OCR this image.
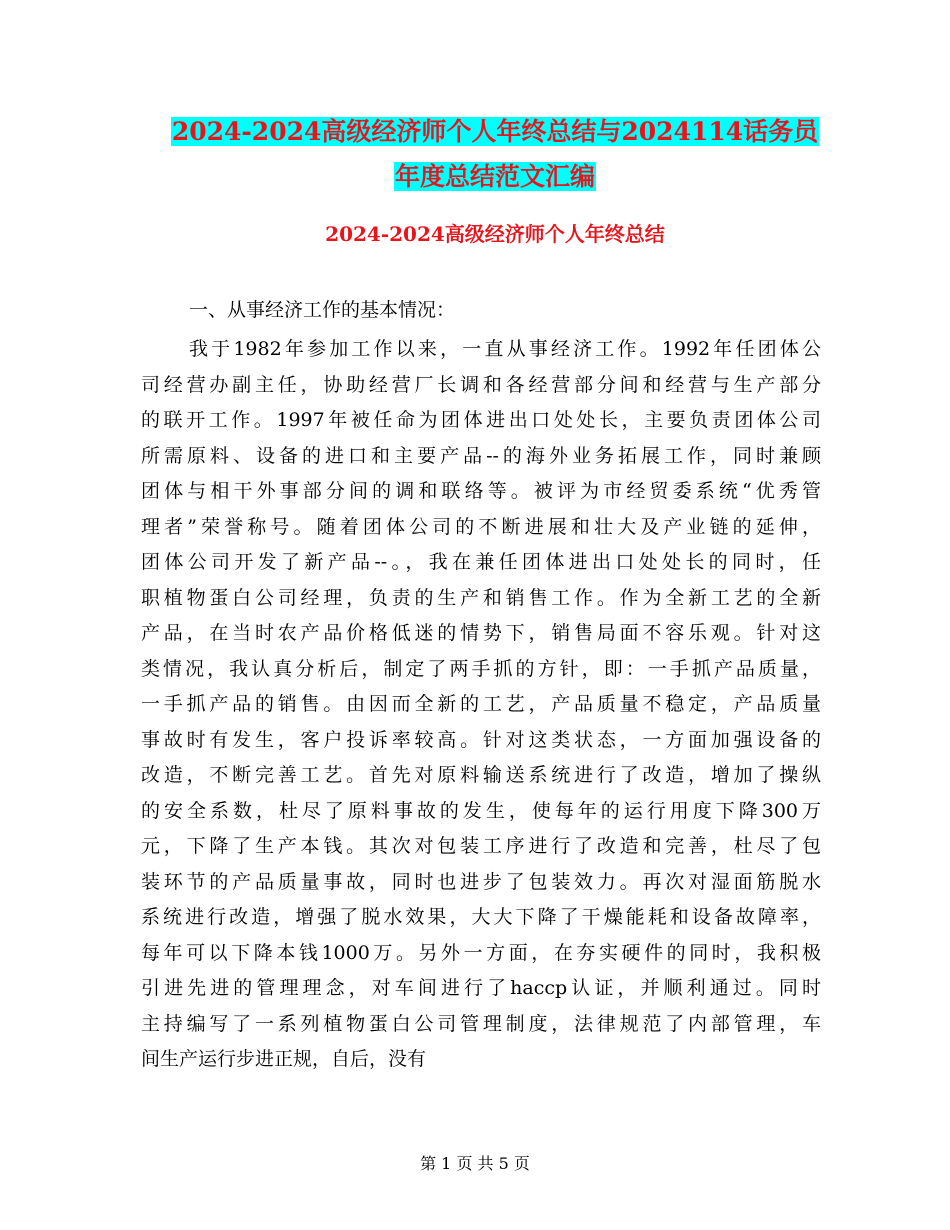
2024-2024高级经济师个人年终总结与2024114话务员
年度总结范文汇编
2024-2024高级经济师个人年终总结
一、从事经济工作的基本情况：
我于1982年参加工作以来，一直从事经济工作。1992年任团体公
司经营办副主任，协助经营厂长调和各经营部分间和经营与生产部分
的联开工作。1997年被任命为团体进出口处处长，主要负责团体公司
所需原料、设备的进口和主要产品--的海外业务拓展工作，同时兼顾
团体与相干外事部分间的调和联络等。被评为市经贸委系统“优秀管
理者”荣誉称号。随着团体公司的不断进展和壮大及产业链的延伸，
团体公司开发了新产品--。，我在兼任团体进出口处处长的同时，任
职植物蛋白公司经理，负责的生产和销售工作。作为全新工艺的全新
产品，在当时农产品价格低迷的情势下，销售局面不容乐观。针对这
类情况，我认真分析后，制定了两手抓的方针，即：一手抓产品质量，
一手抓产品的销售。由因而全新的工艺，产品质量不稳定，产品质量
事故时有发生，客户投诉率较高。针对这类状态，一方面加强设备的
改造，不断完善工艺。首先对原料输送系统进行了改造，增加了操纵
的安全系数，杜尽了原料事故的发生，使每年的运行用度下降300万
元，下降了生产本钱。其次对包装工序进行了改造和完善，杜尽了包
装环节的产品质量事故，同时也进步了包装效力。再次对湿面筋脱水
系统进行改造，增强了脱水效果，大大下降了干燥能耗和设备故障率，
每年可以下降本钱1000万。另外一方面，在夯实硬件的同时，我积极
引进先进的管理理念，对车间进行了haccp认证，并顺利通过。同时
主持编写了一系列植物蛋白公司管理制度，法律规范了内部管理，车
间生产运行步进正规，自后，没有
第 1 页 共 5 页
